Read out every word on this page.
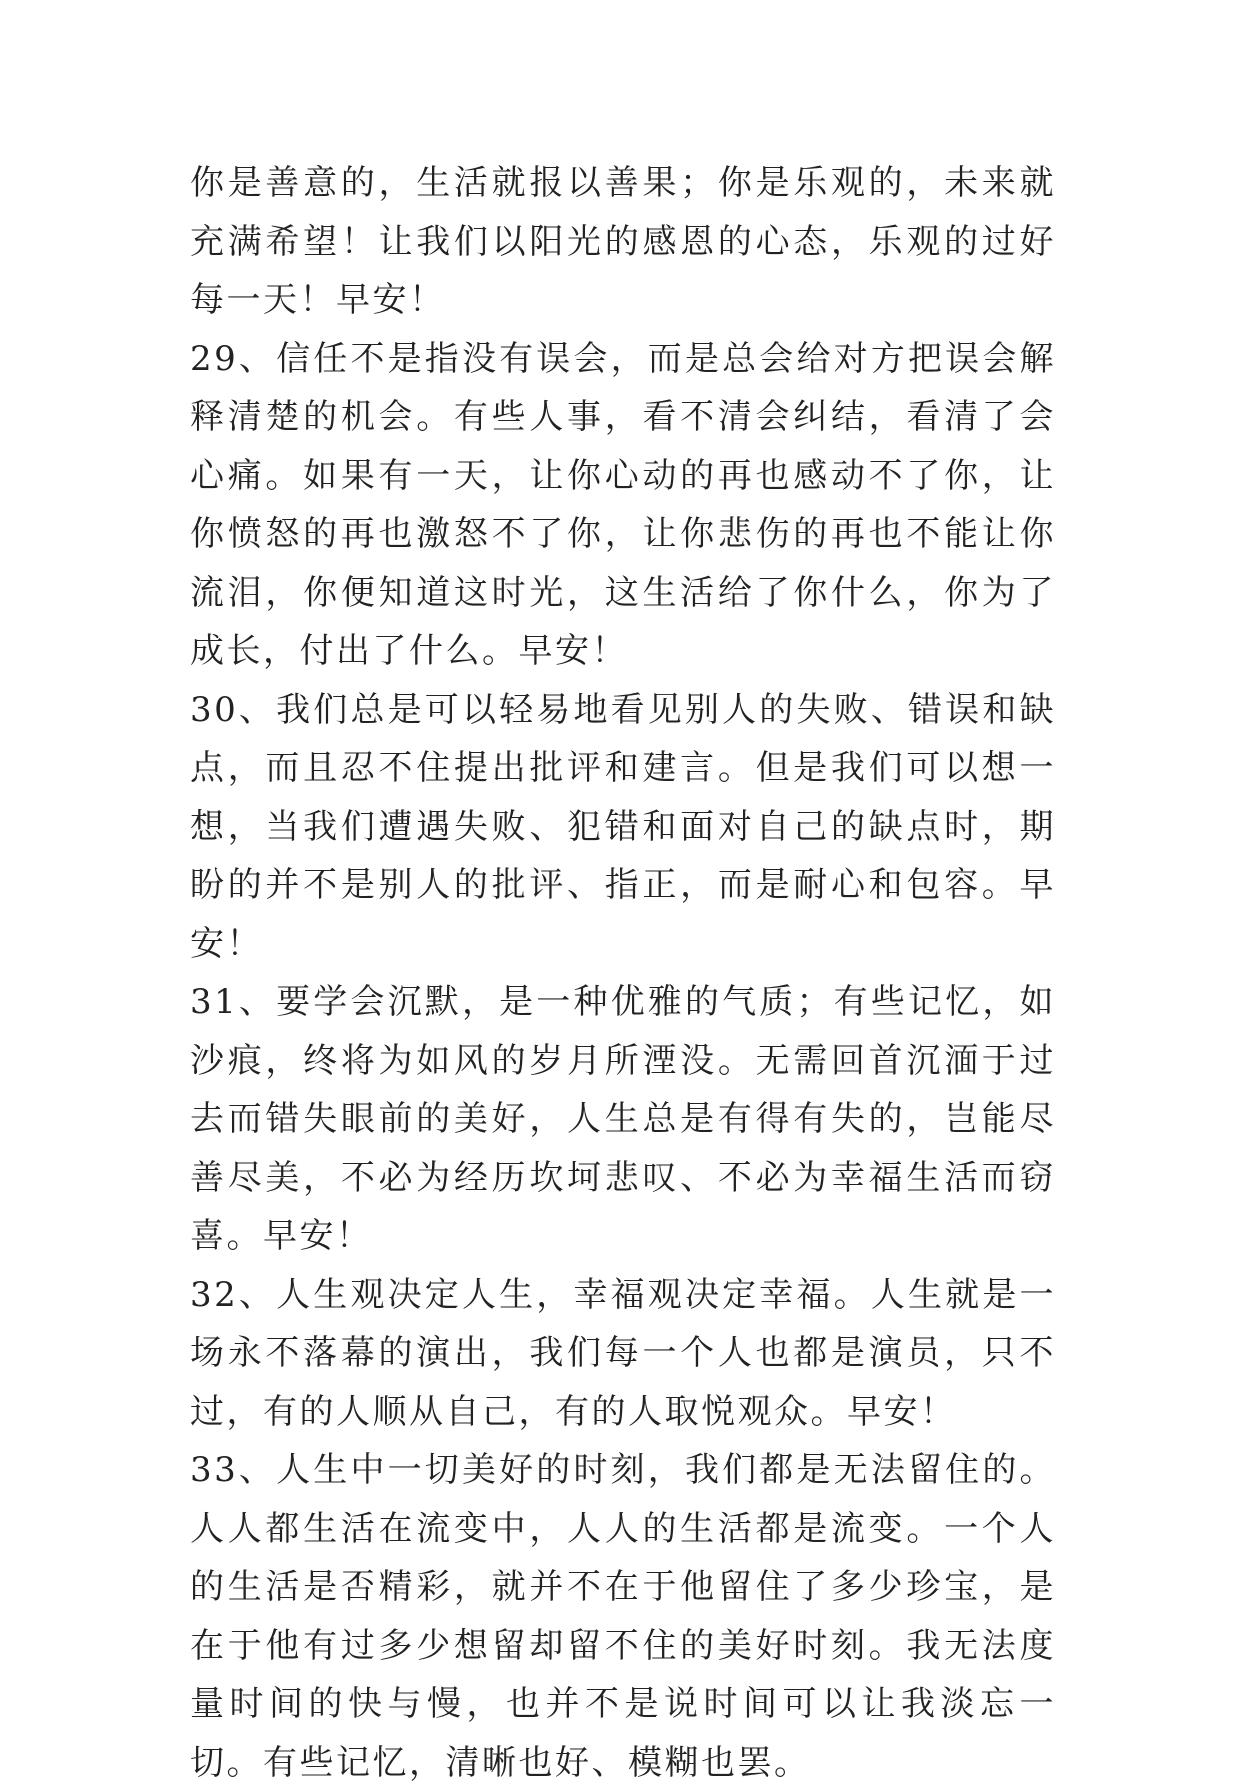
你是善意的，生活就报以善果；你是乐观的，未来就充满希望！让我们以阳光的感恩的心态，乐观的过好每一天！早安！

29、信任不是指没有误会，而是总会给对方把误会解释清楚的机会。有些人事，看不清会纠结，看清了会心痛。如果有一天，让你心动的再也感动不了你，让你愤怒的再也激怒不了你，让你悲伤的再也不能让你流泪，你便知道这时光，这生活给了你什么，你为了成长，付出了什么。早安！

30、我们总是可以轻易地看见别人的失败、错误和缺点，而且忍不住提出批评和建言。但是我们可以想一想，当我们遭遇失败、犯错和面对自己的缺点时，期盼的并不是别人的批评、指正，而是耐心和包容。早安！

31、要学会沉默，是一种优雅的气质；有些记忆，如沙痕，终将为如风的岁月所湮没。无需回首沉湎于过去而错失眼前的美好，人生总是有得有失的，岂能尽善尽美，不必为经历坎坷悲叹、不必为幸福生活而窃喜。早安！

32、人生观决定人生，幸福观决定幸福。人生就是一场永不落幕的演出，我们每一个人也都是演员，只不过，有的人顺从自己，有的人取悦观众。早安！

33、人生中一切美好的时刻，我们都是无法留住的。人人都生活在流变中，人人的生活都是流变。一个人的生活是否精彩，就并不在于他留住了多少珍宝，是在于他有过多少想留却留不住的美好时刻。我无法度量时间的快与慢，也并不是说时间可以让我淡忘一切。有些记忆，清晰也好、模糊也罢。
